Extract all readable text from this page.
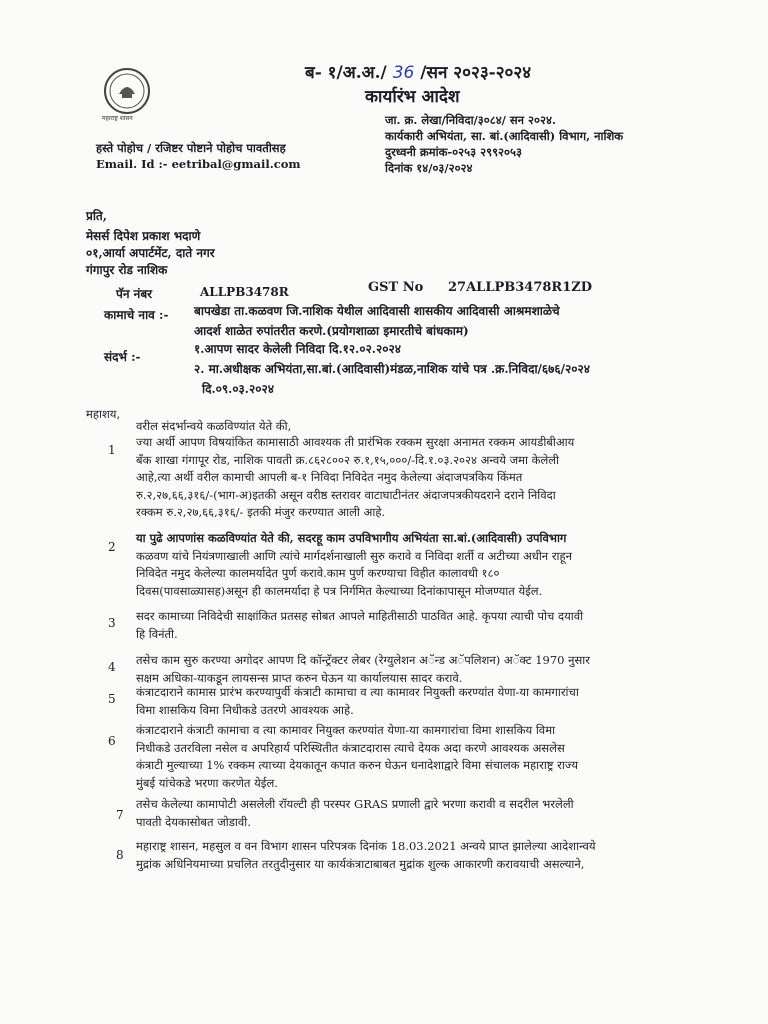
महाराष्ट्र शासन
ब- १/अ.अ./ 36 /सन २०२३-२०२४
कार्यारंभ आदेश
जा. क्र. लेखा/निविदा/३०८४/ सन २०२४.
कार्यकारी अभियंता, सा. बां.(आदिवासी) विभाग, नाशिक
दुरध्वनी क्रमांक-०२५३ २९९२०५३
दिनांक १४/०३/२०२४
हस्ते पोहोच / रजिष्टर पोष्टाने पोहोच पावतीसह
Email. Id :- eetribal@gmail.com
प्रति,
मेसर्स दिपेश प्रकाश भदाणे
०१,आर्या अपार्टमेंट, दाते नगर
गंगापुर रोड नाशिक
पॅन नंबर	ALLPB3478R	GST No 27ALLPB3478R1ZD
कामाचे नाव :- बापखेडा ता.कळवण जि.नाशिक येथील आदिवासी शासकीय आदिवासी आश्रमशाळेचे
आदर्श शाळेत रुपांतरीत करणे.(प्रयोगशाळा इमारतीचे बांधकाम)
संदर्भ :-
१.आपण सादर केलेली निविदा दि.१२.०२.२०२४
२. मा.अधीक्षक अभियंता,सा.बां.(आदिवासी)मंडळ,नाशिक यांचे पत्र .क्र.निविदा/६७६/२०२४
दि.०९.०३.२०२४
महाशय,
वरील संदर्भान्वये कळविण्यांत येते की,
1
ज्या अर्थी आपण विषयांकित कामासाठी आवश्यक ती प्रारंभिक रक्कम सुरक्षा अनामत रक्कम आयडीबीआय
बँक शाखा गंगापूर रोड, नाशिक पावती क्र.८६२८००२ रु.१,१५,०००/-दि.१.०३.२०२४ अन्वये जमा केलेली
आहे,त्या अर्थी वरील कामाची आपली ब-१ निविदा निविदेत नमुद केलेल्या अंदाजपत्रकिय किंमत
रु.२,२७,६६,३१६/-(भाग-अ)इतकी असून वरीष्ठ स्तरावर वाटाघाटीनंतर अंदाजपत्रकीयदराने दराने निविदा
रक्कम रु.२,२७,६६,३१६/- इतकी मंजुर करण्यात आली आहे.
2
या पुढे आपणांस कळविण्यांत येते की, सदरहू काम उपविभागीय अभियंता सा.बां.(आदिवासी) उपविभाग
कळवण यांचे नियंत्रणाखाली आणि त्यांचे मार्गदर्शनाखाली सुरु करावे व निविदा शर्ती व अटीच्या अधीन राहून
निविदेत नमुद केलेल्या कालमर्यादेत पुर्ण करावे.काम पुर्ण करण्याचा विहीत कालावधी १८०
दिवस(पावसाळ्यासह)असून ही कालमर्यादा हे पत्र निर्गमित केल्याच्या दिनांकापासून मोजण्यात येईल.
3 सदर कामाच्या निविदेची साक्षांकित प्रतसह सोबत आपले माहितीसाठी पाठवित आहे. कृपया त्याची पोच दयावी
हि विनंती.
4 तसेच काम सुरु करण्या अगोदर आपण दि कॉन्ट्रॅक्टर लेबर (रेग्युलेशन अॅन्ड अॅपलिशन) अॅक्ट 1970 नुसार
सक्षम अधिका-याकडून लायसन्स प्राप्त करुन घेऊन या कार्यालयास सादर करावे.
5 कंत्राटदाराने कामास प्रारंभ करण्यापुर्वी कंत्राटी कामाचा व त्या कामावर नियुक्ती करण्यांत येणा-या कामगारांचा
विमा शासकिय विमा निधीकडे उतरणे आवश्यक आहे.
6
कंत्राटदाराने कंत्राटी कामाचा व त्या कामावर नियुक्त करण्यांत येणा-या कामगारांचा विमा शासकिय विमा
निधीकडे उतरविला नसेल व अपरिहार्य परिस्थितीत कंत्राटदारास त्याचे देयक अदा करणे आवश्यक असलेस
कंत्राटी मुल्याच्या 1% रक्कम त्याच्या देयकातून कपात करुन घेऊन धनादेशाद्वारे विमा संचालक महाराष्ट्र राज्य
मुंबई यांचेकडे भरणा करणेत येईल.
7
तसेच केलेल्या कामापोटी असलेली रॉयल्टी ही परस्पर GRAS प्रणाली द्वारे भरणा करावी व सदरील भरलेली
पावती देयकासोबत जोडावी.
8
महाराष्ट्र शासन, महसुल व वन विभाग शासन परिपत्रक दिनांक 18.03.2021 अन्वये प्राप्त झालेल्या आदेशान्वये
मुद्रांक अधिनियमाच्या प्रचलित तरतुदीनुसार या कार्यकंत्राटाबाबत मुद्रांक शुल्क आकारणी करावयाची असल्याने,
